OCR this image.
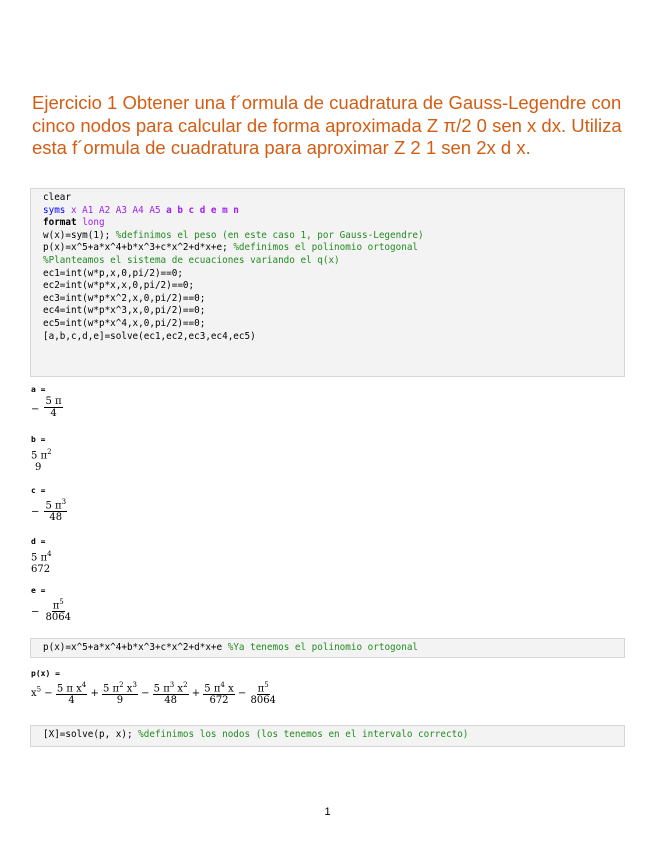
Ejercicio 1 Obtener una f´ormula de cuadratura de Gauss-Legendre con cinco nodos para calcular de forma aproximada Z π/2 0 sen x dx. Utiliza esta f´ormula de cuadratura para aproximar Z 2 1 sen 2x d x.
clear
syms x A1 A2 A3 A4 A5 a b c d e m n
format long
w(x)=sym(1); %definimos el peso (en este caso 1, por Gauss-Legendre)
p(x)=x^5+a*x^4+b*x^3+c*x^2+d*x+e; %definimos el polinomio ortogonal
%Planteamos el sistema de ecuaciones variando el q(x)
ec1=int(w*p,x,0,pi/2)==0;
ec2=int(w*p*x,x,0,pi/2)==0;
ec3=int(w*p*x^2,x,0,pi/2)==0;
ec4=int(w*p*x^3,x,0,pi/2)==0;
ec5=int(w*p*x^4,x,0,pi/2)==0;
[a,b,c,d,e]=solve(ec1,ec2,ec3,ec4,ec5)
a =
− $\frac{5 \pi}{4}$
b =
5 $\pi^2$
9
c =
− $\frac{5 \pi^3}{48}$
d =
5 $\pi^4$
672
e =
− $\frac{\pi^5}{8064}$
p(x)=x^5+a*x^4+b*x^3+c*x^2+d*x+e %Ya tenemos el polinomio ortogonal
p(x) =
$x^5 - \frac{5 \pi x^4}{4} + \frac{5 \pi^2 x^3}{9} - \frac{5 \pi^3 x^2}{48} + \frac{5 \pi^4 x}{672} - \frac{\pi^5}{8064}$
[X]=solve(p, x); %definimos los nodos (los tenemos en el intervalo correcto)
1
